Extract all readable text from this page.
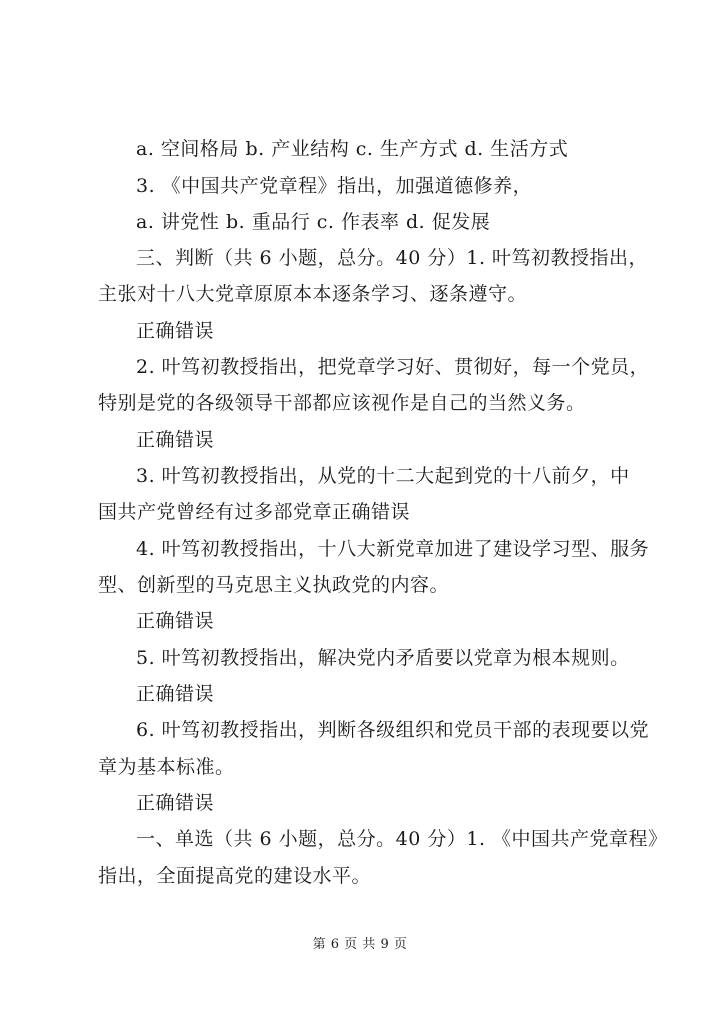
a. 空间格局 b. 产业结构 c. 生产方式 d. 生活方式
3. 《中国共产党章程》指出，加强道德修养，
a. 讲党性 b. 重品行 c. 作表率 d. 促发展
三、判断（共 6 小题，总分。40 分）1. 叶笃初教授指出，
主张对十八大党章原原本本逐条学习、逐条遵守。
正确错误
2. 叶笃初教授指出，把党章学习好、贯彻好，每一个党员，
特别是党的各级领导干部都应该视作是自己的当然义务。
正确错误
3. 叶笃初教授指出，从党的十二大起到党的十八前夕，中
国共产党曾经有过多部党章正确错误
4. 叶笃初教授指出，十八大新党章加进了建设学习型、服务
型、创新型的马克思主义执政党的内容。
正确错误
5. 叶笃初教授指出，解决党内矛盾要以党章为根本规则。
正确错误
6. 叶笃初教授指出，判断各级组织和党员干部的表现要以党
章为基本标准。
正确错误
一、单选（共 6 小题，总分。40 分）1. 《中国共产党章程》
指出，全面提高党的建设水平。
第 6 页 共 9 页
